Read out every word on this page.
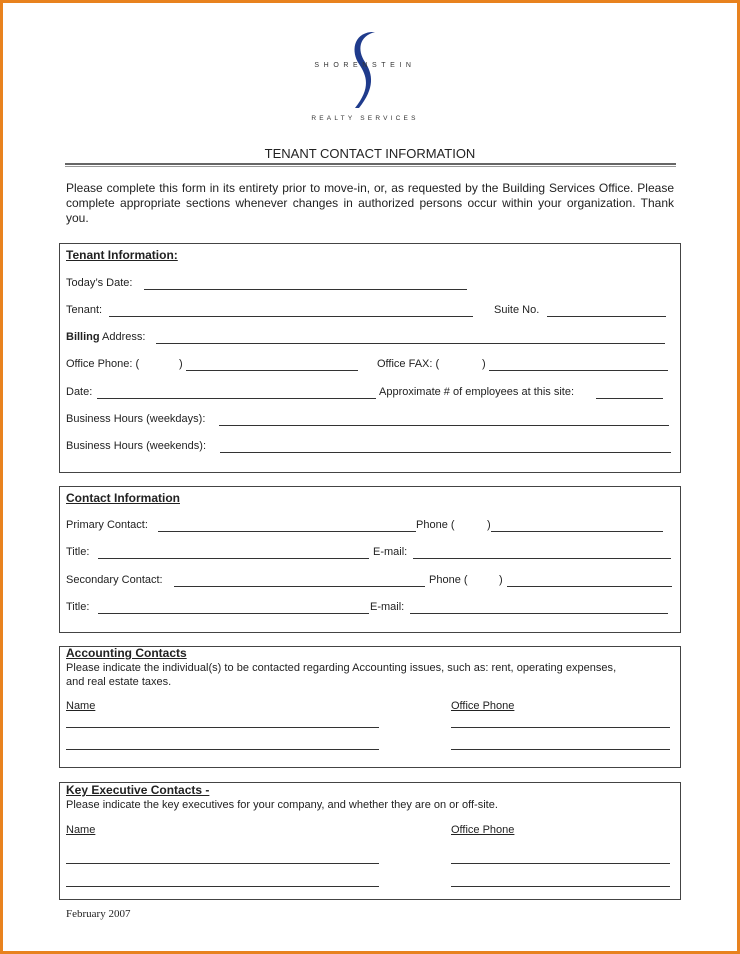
SHORENSTEIN
REALTY SERVICES
TENANT CONTACT INFORMATION
Please complete this form in its entirety prior to move-in, or, as requested by the Building Services Office. Please complete appropriate sections whenever changes in authorized persons occur within your organization. Thank you.
Tenant Information:
Today’s Date:
Tenant:	Suite No.
Billing Address:
Office Phone: (	)	Office FAX: (	)
Date:	Approximate # of employees at this site:
Business Hours (weekdays):
Business Hours (weekends):
Contact Information
Primary Contact:	Phone (	)
Title:	E-mail:
Secondary Contact:	Phone (	)
Title:	E-mail:
Accounting Contacts
Please indicate the individual(s) to be contacted regarding Accounting issues, such as: rent, operating expenses,
and real estate taxes.
Name	Office Phone
Key Executive Contacts -
Please indicate the key executives for your company, and whether they are on or off-site.
Name	Office Phone
February 2007
